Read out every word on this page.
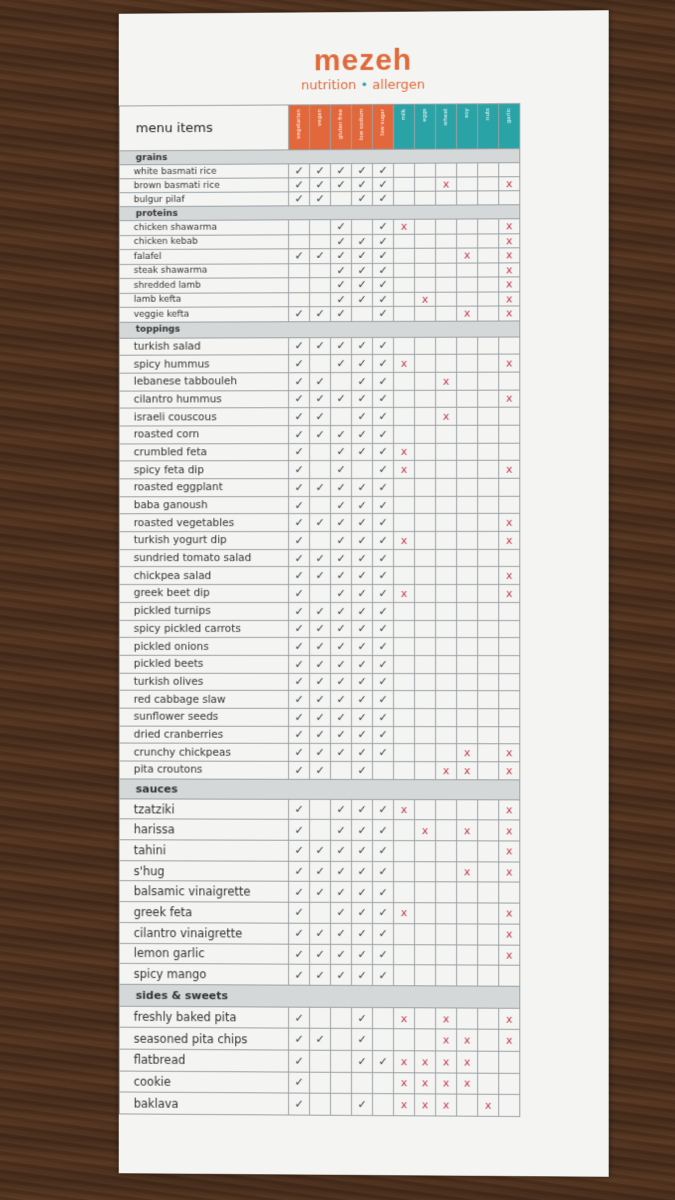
mezeh
nutrition • allergen
menu items	vegetarian	vegan	gluten free	low sodium	low sugar	milk	eggs	wheat	soy	nuts	garlic

grains											
white basmati rice	✓	✓	✓	✓	✓						
brown basmati rice	✓	✓	✓	✓	✓			x			x
bulgur pilaf	✓	✓		✓	✓						
proteins											
chicken shawarma			✓		✓	x					x
chicken kebab			✓	✓	✓						x
falafel	✓	✓	✓	✓	✓				x		x
steak shawarma			✓	✓	✓						x
shredded lamb			✓	✓	✓						x
lamb kefta			✓	✓	✓		x				x
veggie kefta	✓	✓	✓		✓				x		x
toppings											
turkish salad	✓	✓	✓	✓	✓						
spicy hummus	✓		✓	✓	✓	x					x
lebanese tabbouleh	✓	✓		✓	✓			x			
cilantro hummus	✓	✓	✓	✓	✓						x
israeli couscous	✓	✓		✓	✓			x			
roasted corn	✓	✓	✓	✓	✓						
crumbled feta	✓		✓	✓	✓	x					
spicy feta dip	✓		✓		✓	x					x
roasted eggplant	✓	✓	✓	✓	✓						
baba ganoush	✓		✓	✓	✓						
roasted vegetables	✓	✓	✓	✓	✓						x
turkish yogurt dip	✓		✓	✓	✓	x					x
sundried tomato salad	✓	✓	✓	✓	✓						
chickpea salad	✓	✓	✓	✓	✓						x
greek beet dip	✓		✓	✓	✓	x					x
pickled turnips	✓	✓	✓	✓	✓						
spicy pickled carrots	✓	✓	✓	✓	✓						
pickled onions	✓	✓	✓	✓	✓						
pickled beets	✓	✓	✓	✓	✓						
turkish olives	✓	✓	✓	✓	✓						
red cabbage slaw	✓	✓	✓	✓	✓						
sunflower seeds	✓	✓	✓	✓	✓						
dried cranberries	✓	✓	✓	✓	✓						
crunchy chickpeas	✓	✓	✓	✓	✓				x		x
pita croutons	✓	✓		✓				x	x		x
sauces											
tzatziki	✓		✓	✓	✓	x					x
harissa	✓		✓	✓	✓		x		x		x
tahini	✓	✓	✓	✓	✓						x
s'hug	✓	✓	✓	✓	✓				x		x
balsamic vinaigrette	✓	✓	✓	✓	✓						
greek feta	✓		✓	✓	✓	x					x
cilantro vinaigrette	✓	✓	✓	✓	✓						x
lemon garlic	✓	✓	✓	✓	✓						x
spicy mango	✓	✓	✓	✓	✓						
sides & sweets											
freshly baked pita	✓			✓		x		x			x
seasoned pita chips	✓	✓		✓				x	x		x
flatbread	✓			✓	✓	x	x	x	x		
cookie	✓					x	x	x	x		
baklava	✓			✓		x	x	x		x	
